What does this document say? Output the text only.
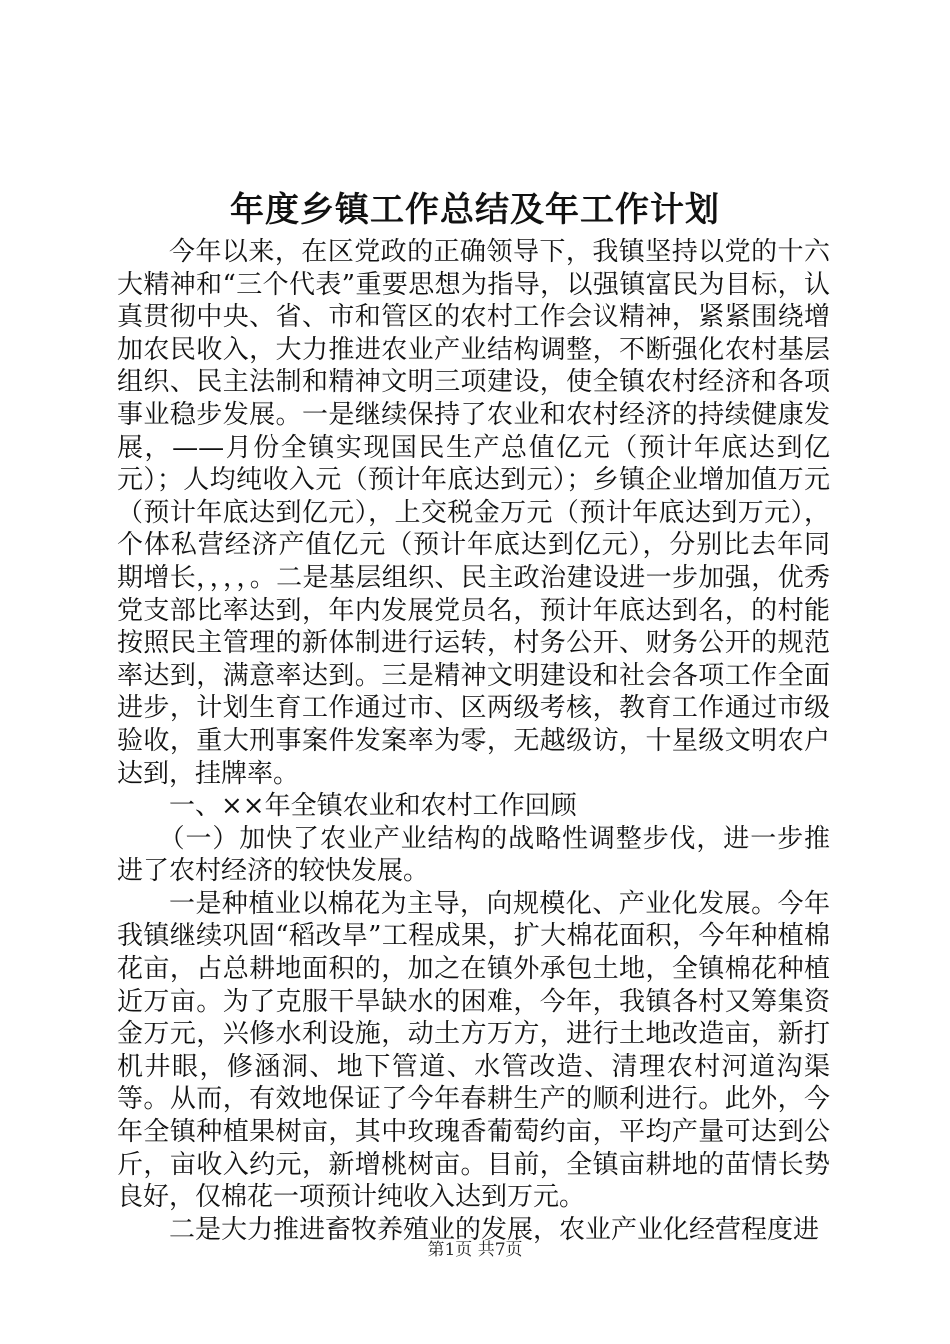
年度乡镇工作总结及年工作计划

今年以来，在区党政的正确领导下，我镇坚持以党的十六大精神和“三个代表”重要思想为指导，以强镇富民为目标，认真贯彻中央、省、市和管区的农村工作会议精神，紧紧围绕增加农民收入，大力推进农业产业结构调整，不断强化农村基层组织、民主法制和精神文明三项建设，使全镇农村经济和各项事业稳步发展。一是继续保持了农业和农村经济的持续健康发展，——月份全镇实现国民生产总值亿元（预计年底达到亿元）；人均纯收入元（预计年底达到元）；乡镇企业增加值万元（预计年底达到亿元），上交税金万元（预计年底达到万元），个体私营经济产值亿元（预计年底达到亿元），分别比去年同期增长，，，，。二是基层组织、民主政治建设进一步加强，优秀党支部比率达到，年内发展党员名，预计年底达到名，的村能按照民主管理的新体制进行运转，村务公开、财务公开的规范率达到，满意率达到。三是精神文明建设和社会各项工作全面进步，计划生育工作通过市、区两级考核，教育工作通过市级验收，重大刑事案件发案率为零，无越级访，十星级文明农户达到，挂牌率。

一、××年全镇农业和农村工作回顾

（一）加快了农业产业结构的战略性调整步伐，进一步推进了农村经济的较快发展。

一是种植业以棉花为主导，向规模化、产业化发展。今年我镇继续巩固“稻改旱”工程成果，扩大棉花面积，今年种植棉花亩，占总耕地面积的，加之在镇外承包土地，全镇棉花种植近万亩。为了克服干旱缺水的困难，今年，我镇各村又筹集资金万元，兴修水利设施，动土方万方，进行土地改造亩，新打机井眼，修涵洞、地下管道、水管改造、清理农村河道沟渠等。从而，有效地保证了今年春耕生产的顺利进行。此外，今年全镇种植果树亩，其中玫瑰香葡萄约亩，平均产量可达到公斤，亩收入约元，新增桃树亩。目前，全镇亩耕地的苗情长势良好，仅棉花一项预计纯收入达到万元。

二是大力推进畜牧养殖业的发展，农业产业化经营程度进

第1页 共7页
